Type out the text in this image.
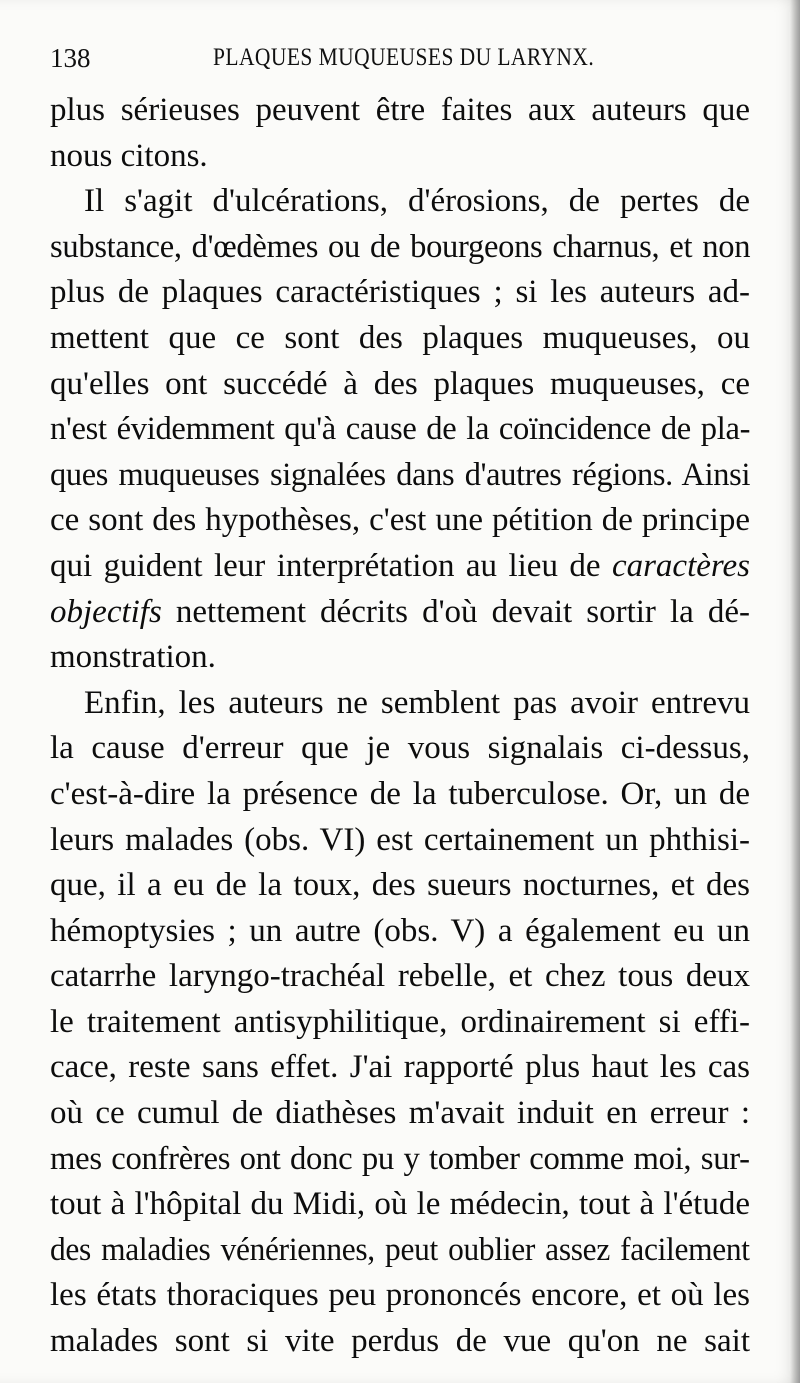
138	PLAQUES MUQUEUSES DU LARYNX.
plus sérieuses peuvent être faites aux auteurs que
nous citons.
Il s'agit d'ulcérations, d'érosions, de pertes de
substance, d'œdèmes ou de bourgeons charnus, et non
plus de plaques caractéristiques ; si les auteurs ad-
mettent que ce sont des plaques muqueuses, ou
qu'elles ont succédé à des plaques muqueuses, ce
n'est évidemment qu'à cause de la coïncidence de pla-
ques muqueuses signalées dans d'autres régions. Ainsi
ce sont des hypothèses, c'est une pétition de principe
qui guident leur interprétation au lieu de caractères
objectifs nettement décrits d'où devait sortir la dé-
monstration.
Enfin, les auteurs ne semblent pas avoir entrevu
la cause d'erreur que je vous signalais ci-dessus,
c'est-à-dire la présence de la tuberculose. Or, un de
leurs malades (obs. VI) est certainement un phthisi-
que, il a eu de la toux, des sueurs nocturnes, et des
hémoptysies ; un autre (obs. V) a également eu un
catarrhe laryngo-trachéal rebelle, et chez tous deux
le traitement antisyphilitique, ordinairement si effi-
cace, reste sans effet. J'ai rapporté plus haut les cas
où ce cumul de diathèses m'avait induit en erreur :
mes confrères ont donc pu y tomber comme moi, sur-
tout à l'hôpital du Midi, où le médecin, tout à l'étude
des maladies vénériennes, peut oublier assez facilement
les états thoraciques peu prononcés encore, et où les
malades sont si vite perdus de vue qu'on ne sait
